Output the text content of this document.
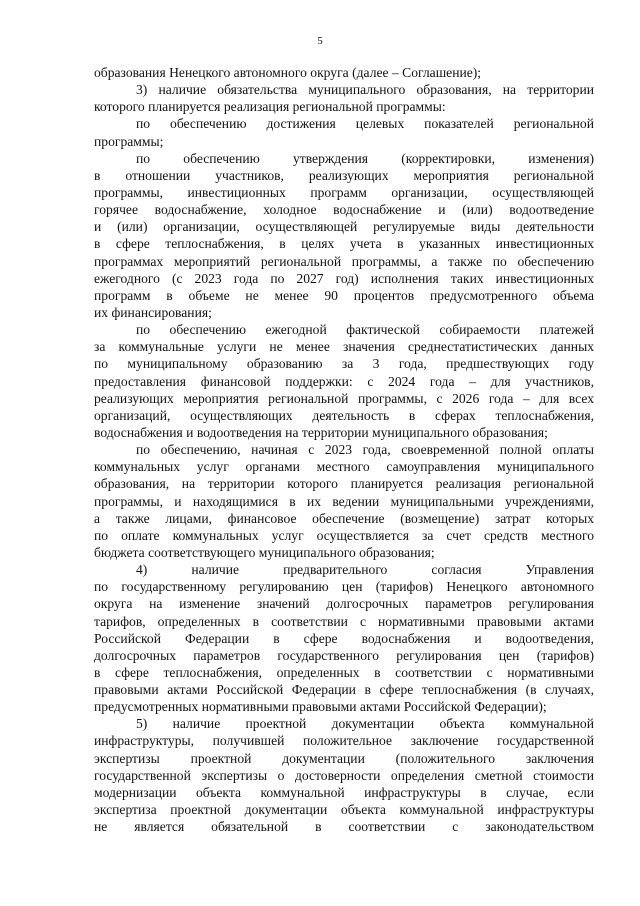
5
образования Ненецкого автономного округа (далее – Соглашение);
3) наличие обязательства муниципального образования, на территории
которого планируется реализация региональной программы:
по обеспечению достижения целевых показателей региональной
программы;
по обеспечению утверждения (корректировки, изменения)
в отношении участников, реализующих мероприятия региональной
программы, инвестиционных программ организации, осуществляющей
горячее водоснабжение, холодное водоснабжение и (или) водоотведение
и (или) организации, осуществляющей регулируемые виды деятельности
в сфере теплоснабжения, в целях учета в указанных инвестиционных
программах мероприятий региональной программы, а также по обеспечению
ежегодного (с 2023 года по 2027 год) исполнения таких инвестиционных
программ в объеме не менее 90 процентов предусмотренного объема
их финансирования;
по обеспечению ежегодной фактической собираемости платежей
за коммунальные услуги не менее значения среднестатистических данных
по муниципальному образованию за 3 года, предшествующих году
предоставления финансовой поддержки: с 2024 года – для участников,
реализующих мероприятия региональной программы, с 2026 года – для всех
организаций, осуществляющих деятельность в сферах теплоснабжения,
водоснабжения и водоотведения на территории муниципального образования;
по обеспечению, начиная с 2023 года, своевременной полной оплаты
коммунальных услуг органами местного самоуправления муниципального
образования, на территории которого планируется реализация региональной
программы, и находящимися в их ведении муниципальными учреждениями,
а также лицами, финансовое обеспечение (возмещение) затрат которых
по оплате коммунальных услуг осуществляется за счет средств местного
бюджета соответствующего муниципального образования;
4) наличие предварительного согласия Управления
по государственному регулированию цен (тарифов) Ненецкого автономного
округа на изменение значений долгосрочных параметров регулирования
тарифов, определенных в соответствии с нормативными правовыми актами
Российской Федерации в сфере водоснабжения и водоотведения,
долгосрочных параметров государственного регулирования цен (тарифов)
в сфере теплоснабжения, определенных в соответствии с нормативными
правовыми актами Российской Федерации в сфере теплоснабжения (в случаях,
предусмотренных нормативными правовыми актами Российской Федерации);
5) наличие проектной документации объекта коммунальной
инфраструктуры, получившей положительное заключение государственной
экспертизы проектной документации (положительного заключения
государственной экспертизы о достоверности определения сметной стоимости
модернизации объекта коммунальной инфраструктуры в случае, если
экспертиза проектной документации объекта коммунальной инфраструктуры
не является обязательной в соответствии с законодательством
